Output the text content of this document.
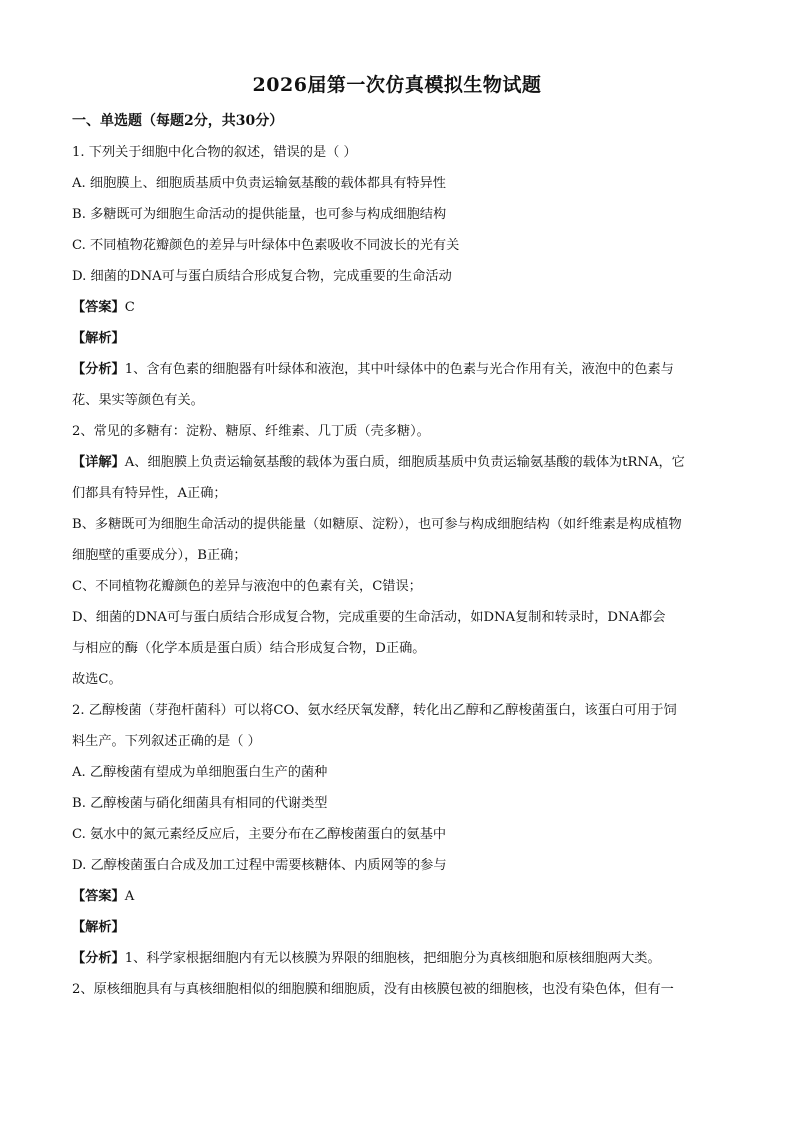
2026届第一次仿真模拟生物试题
一、单选题（每题2分，共30分）
1. 下列关于细胞中化合物的叙述，错误的是（ ）
A. 细胞膜上、细胞质基质中负责运输氨基酸的载体都具有特异性
B. 多糖既可为细胞生命活动的提供能量，也可参与构成细胞结构
C. 不同植物花瓣颜色的差异与叶绿体中色素吸收不同波长的光有关
D. 细菌的DNA可与蛋白质结合形成复合物，完成重要的生命活动
【答案】C
【解析】
【分析】1、含有色素的细胞器有叶绿体和液泡，其中叶绿体中的色素与光合作用有关，液泡中的色素与
花、果实等颜色有关。
2、常见的多糖有：淀粉、糖原、纤维素、几丁质（壳多糖）。
【详解】A、细胞膜上负责运输氨基酸的载体为蛋白质，细胞质基质中负责运输氨基酸的载体为tRNA，它
们都具有特异性，A正确；
B、多糖既可为细胞生命活动的提供能量（如糖原、淀粉），也可参与构成细胞结构（如纤维素是构成植物
细胞壁的重要成分），B正确；
C、不同植物花瓣颜色的差异与液泡中的色素有关，C错误；
D、细菌的DNA可与蛋白质结合形成复合物，完成重要的生命活动，如DNA复制和转录时，DNA都会
与相应的酶（化学本质是蛋白质）结合形成复合物，D正确。
故选C。
2. 乙醇梭菌（芽孢杆菌科）可以将CO、氨水经厌氧发酵，转化出乙醇和乙醇梭菌蛋白，该蛋白可用于饲
料生产。下列叙述正确的是（ ）
A. 乙醇梭菌有望成为单细胞蛋白生产的菌种
B. 乙醇梭菌与硝化细菌具有相同的代谢类型
C. 氨水中的氮元素经反应后，主要分布在乙醇梭菌蛋白的氨基中
D. 乙醇梭菌蛋白合成及加工过程中需要核糖体、内质网等的参与
【答案】A
【解析】
【分析】1、科学家根据细胞内有无以核膜为界限的细胞核，把细胞分为真核细胞和原核细胞两大类。
2、原核细胞具有与真核细胞相似的细胞膜和细胞质，没有由核膜包被的细胞核，也没有染色体，但有一
